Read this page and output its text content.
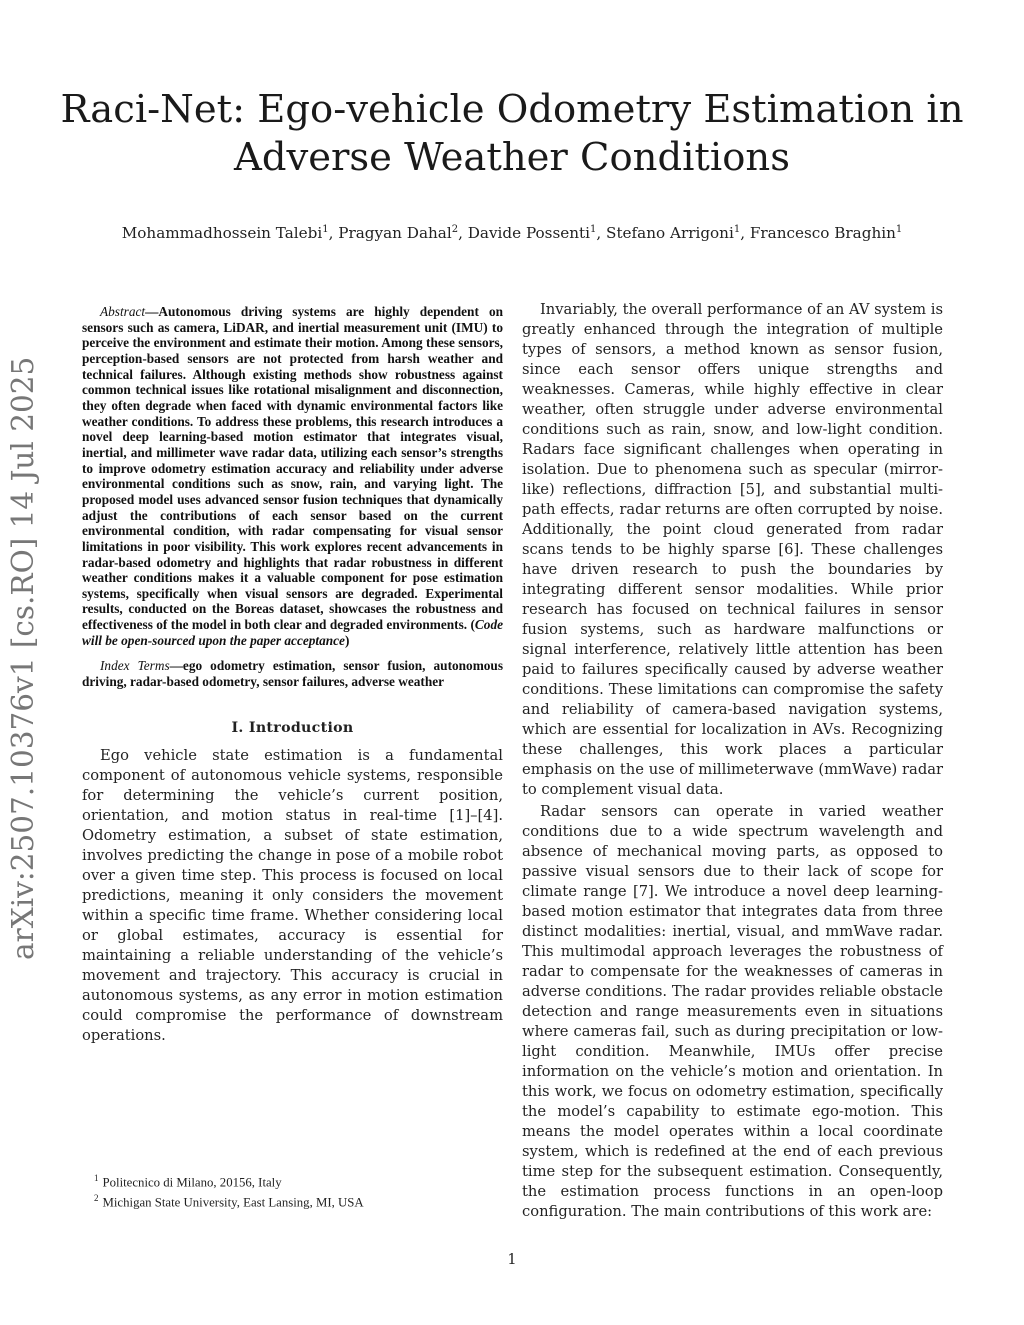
Raci-Net: Ego-vehicle Odometry Estimation in Adverse Weather Conditions

Mohammadhossein Talebi$^1$, Pragyan Dahal$^2$, Davide Possenti$^1$, Stefano Arrigoni$^1$, Francesco Braghin$^1$

arXiv:2507.10376v1 [cs.RO] 14 Jul 2025

Abstract—Autonomous driving systems are highly dependent on sensors such as camera, LiDAR, and inertial measurement unit (IMU) to perceive the environment and estimate their motion. Among these sensors, perception-based sensors are not protected from harsh weather and technical failures. Although existing methods show robustness against common technical issues like rotational misalignment and disconnection, they often degrade when faced with dynamic environmental factors like weather conditions. To address these problems, this research introduces a novel deep learning-based motion estimator that integrates visual, inertial, and millimeter wave radar data, utilizing each sensor’s strengths to improve odometry estimation accuracy and reliability under adverse environmental conditions such as snow, rain, and varying light. The proposed model uses advanced sensor fusion techniques that dynamically adjust the contributions of each sensor based on the current environmental condition, with radar compensating for visual sensor limitations in poor visibility. This work explores recent advancements in radar-based odometry and highlights that radar robustness in different weather conditions makes it a valuable component for pose estimation systems, specifically when visual sensors are degraded. Experimental results, conducted on the Boreas dataset, showcases the robustness and effectiveness of the model in both clear and degraded environments. (Code will be open-sourced upon the paper acceptance)

Index Terms—ego odometry estimation, sensor fusion, autonomous driving, radar-based odometry, sensor failures, adverse weather

I. Introduction

Ego vehicle state estimation is a fundamental component of autonomous vehicle systems, responsible for determining the vehicle’s current position, orientation, and motion status in real-time [1]–[4]. Odometry estimation, a subset of state estimation, involves predicting the change in pose of a mobile robot over a given time step. This process is focused on local predictions, meaning it only considers the movement within a specific time frame. Whether considering local or global estimates, accuracy is essential for maintaining a reliable understanding of the vehicle’s movement and trajectory. This accuracy is crucial in autonomous systems, as any error in motion estimation could compromise the performance of downstream operations.

$^1$ Politecnico di Milano, 20156, Italy

$^2$ Michigan State University, East Lansing, MI, USA

Invariably, the overall performance of an AV system is greatly enhanced through the integration of multiple types of sensors, a method known as sensor fusion, since each sensor offers unique strengths and weaknesses. Cameras, while highly effective in clear weather, often struggle under adverse environmental conditions such as rain, snow, and low-light condition. Radars face significant challenges when operating in isolation. Due to phenomena such as specular (mirror-like) reflections, diffraction [5], and substantial multi-path effects, radar returns are often corrupted by noise. Additionally, the point cloud generated from radar scans tends to be highly sparse [6]. These challenges have driven research to push the boundaries by integrating different sensor modalities. While prior research has focused on technical failures in sensor fusion systems, such as hardware malfunctions or signal interference, relatively little attention has been paid to failures specifically caused by adverse weather conditions. These limitations can compromise the safety and reliability of camera-based navigation systems, which are essential for localization in AVs. Recognizing these challenges, this work places a particular emphasis on the use of millimeterwave (mmWave) radar to complement visual data.

Radar sensors can operate in varied weather conditions due to a wide spectrum wavelength and absence of mechanical moving parts, as opposed to passive visual sensors due to their lack of scope for climate range [7]. We introduce a novel deep learning-based motion estimator that integrates data from three distinct modalities: inertial, visual, and mmWave radar. This multimodal approach leverages the robustness of radar to compensate for the weaknesses of cameras in adverse conditions. The radar provides reliable obstacle detection and range measurements even in situations where cameras fail, such as during precipitation or low-light condition. Meanwhile, IMUs offer precise information on the vehicle’s motion and orientation. In this work, we focus on odometry estimation, specifically the model’s capability to estimate ego-motion. This means the model operates within a local coordinate system, which is redefined at the end of each previous time step for the subsequent estimation. Consequently, the estimation process functions in an open-loop configuration. The main contributions of this work are:

1
